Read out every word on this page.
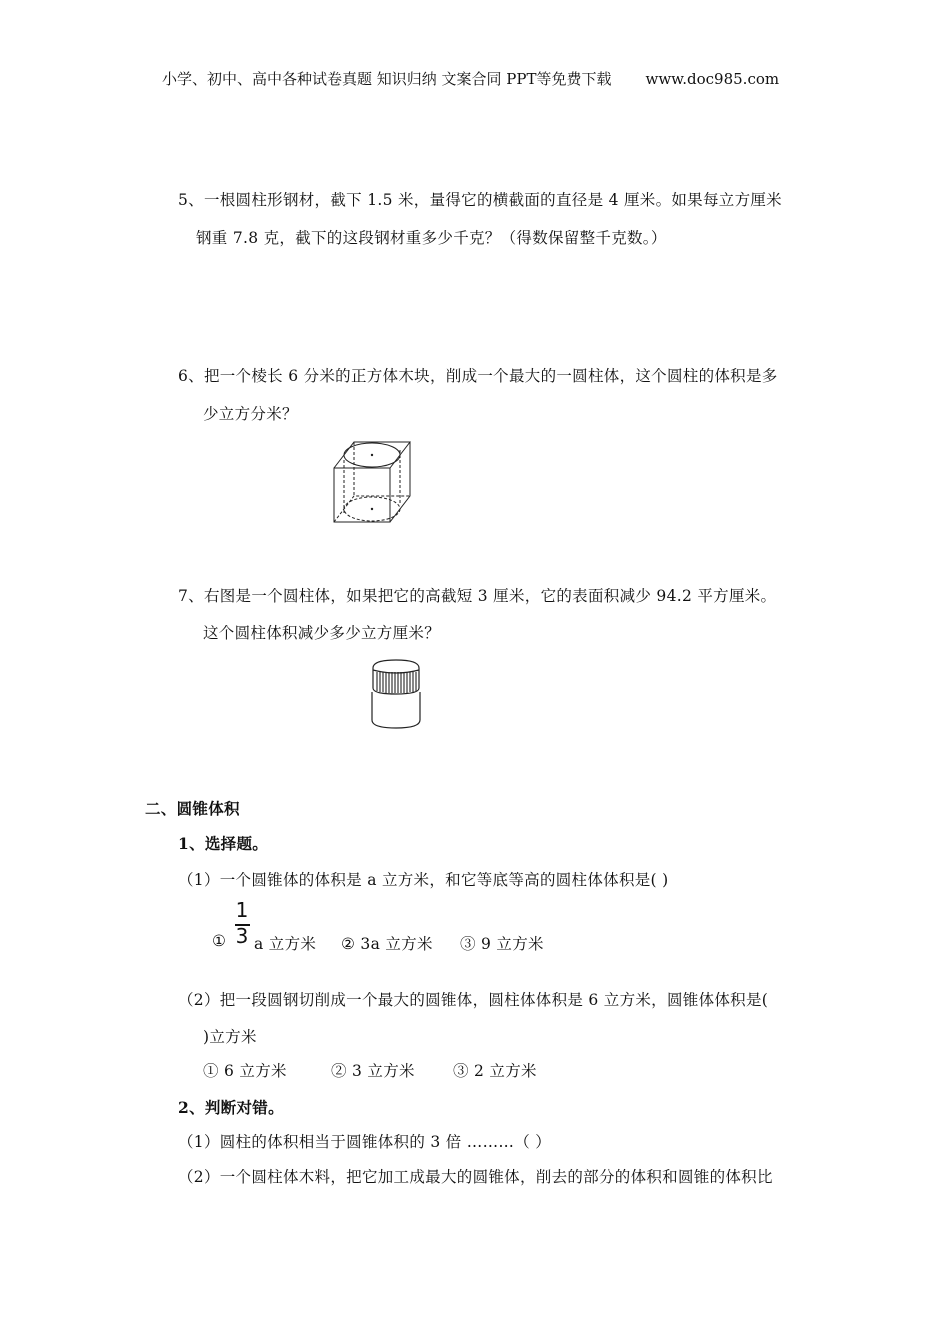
小学、初中、高中各种试卷真题 知识归纳 文案合同 PPT等免费下载 www.doc985.com
5、一根圆柱形钢材，截下 1.5 米，量得它的横截面的直径是 4 厘米。如果每立方厘米
钢重 7.8 克，截下的这段钢材重多少千克？（得数保留整千克数。）
6、把一个棱长 6 分米的正方体木块，削成一个最大的一圆柱体，这个圆柱的体积是多
少立方分米？
7、右图是一个圆柱体，如果把它的高截短 3 厘米，它的表面积减少 94.2 平方厘米。
这个圆柱体积减少多少立方厘米？
二、圆锥体积
1、选择题。
（1）一个圆锥体的体积是 a 立方米，和它等底等高的圆柱体体积是( )
①
1
3 a 立方米 ② 3a 立方米 ③ 9 立方米
（2）把一段圆钢切削成一个最大的圆锥体，圆柱体体积是 6 立方米，圆锥体体积是(
)立方米
① 6 立方米	② 3 立方米 ③ 2 立方米
2、判断对错。
（1）圆柱的体积相当于圆锥体积的 3 倍 ………（ ）
（2）一个圆柱体木料，把它加工成最大的圆锥体，削去的部分的体积和圆锥的体积比
